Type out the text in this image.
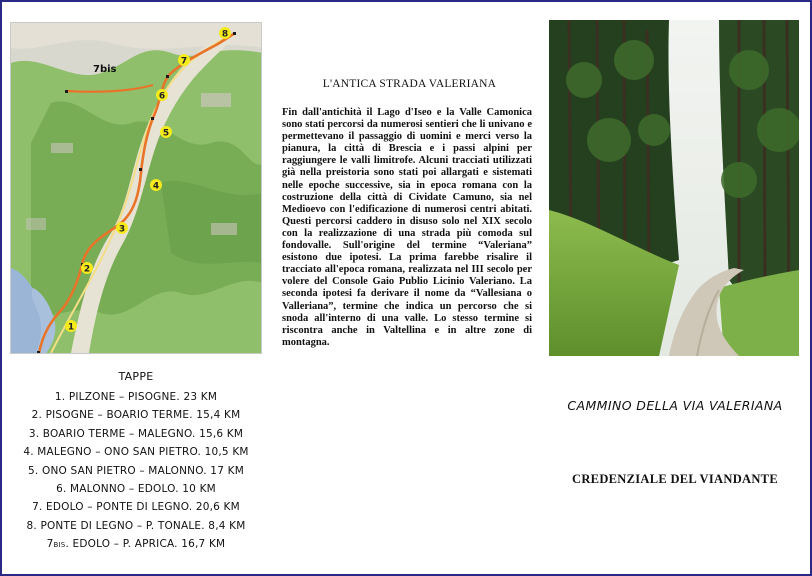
1
2
3
4
5
6
7
8
7bis
TAPPE
1. PILZONE – PISOGNE. 23 KM
2. PISOGNE – BOARIO TERME. 15,4 KM
3. BOARIO TERME – MALEGNO. 15,6 KM
4. MALEGNO – ONO SAN PIETRO. 10,5 KM
5. ONO SAN PIETRO – MALONNO. 17 KM
6. MALONNO – EDOLO. 10 KM
7. EDOLO – PONTE DI LEGNO. 20,6 KM
8. PONTE DI LEGNO – P. TONALE. 8,4 KM
7bis. EDOLO – P. APRICA. 16,7 KM
L'ANTICA STRADA VALERIANA

Fin dall'antichità il Lago d'Iseo e la Valle Camonica sono stati percorsi da numerosi sentieri che li univano e permettevano il passaggio di uomini e merci verso la pianura, la città di Brescia e i passi alpini per raggiungere le valli limitrofe. Alcuni tracciati utilizzati già nella preistoria sono stati poi allargati e sistemati nelle epoche successive, sia in epoca romana con la costruzione della città di Cividate Camuno, sia nel Medioevo con l'edificazione di numerosi centri abitati. Questi percorsi caddero in disuso solo nel XIX secolo con la realizzazione di una strada più comoda sul fondovalle. Sull'origine del termine “Valeriana” esistono due ipotesi. La prima farebbe risalire il tracciato all'epoca romana, realizzata nel III secolo per volere del Console Gaio Publio Licinio Valeriano. La seconda ipotesi fa derivare il nome da “Vallesiana o Valleriana”, termine che indica un percorso che si snoda all'interno di una valle. Lo stesso termine si riscontra anche in Valtellina e in altre zone di montagna.

CAMMINO DELLA VIA VALERIANA
CREDENZIALE DEL VIANDANTE
